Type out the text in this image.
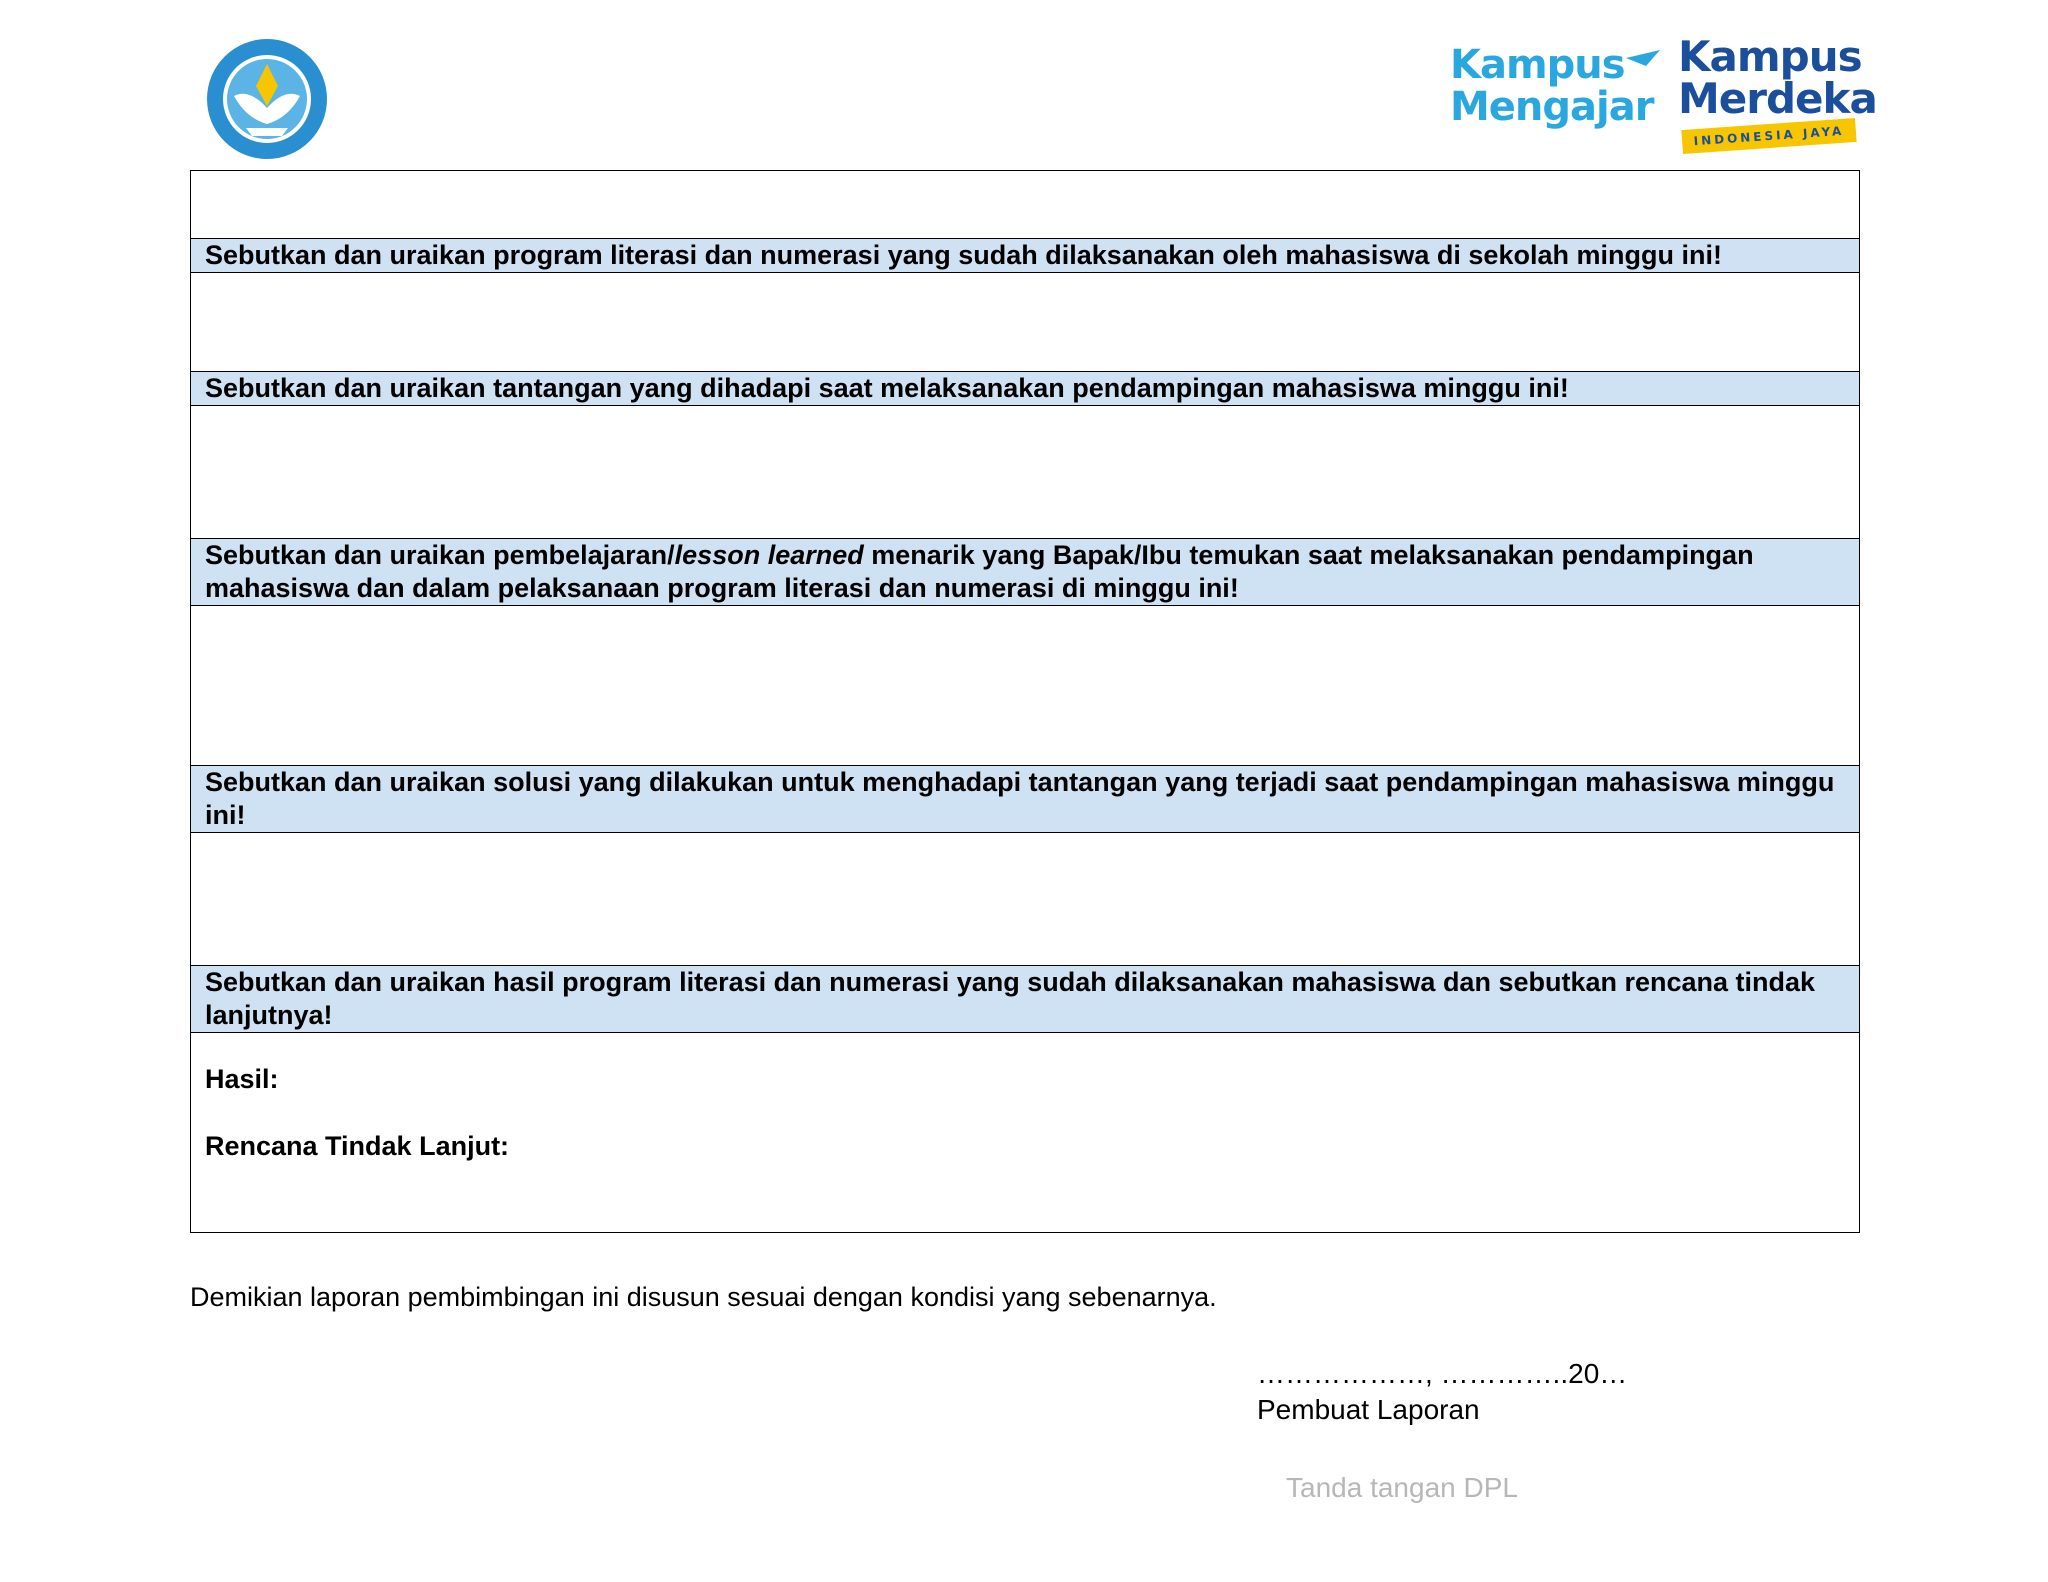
Kampus
Mengajar
Kampus
Merdeka
INDONESIA JAYA

Sebutkan dan uraikan program literasi dan numerasi yang sudah dilaksanakan oleh mahasiswa di sekolah minggu ini!

Sebutkan dan uraikan tantangan yang dihadapi saat melaksanakan pendampingan mahasiswa minggu ini!

Sebutkan dan uraikan pembelajaran/lesson learned menarik yang Bapak/Ibu temukan saat melaksanakan pendampingan mahasiswa dan dalam pelaksanaan program literasi dan numerasi di minggu ini!

Sebutkan dan uraikan solusi yang dilakukan untuk menghadapi tantangan yang terjadi saat pendampingan mahasiswa minggu ini!

Sebutkan dan uraikan hasil program literasi dan numerasi yang sudah dilaksanakan mahasiswa dan sebutkan rencana tindak lanjutnya!

Hasil:

Rencana Tindak Lanjut:

Demikian laporan pembimbingan ini disusun sesuai dengan kondisi yang sebenarnya.
………………, …………..20…
Pembuat Laporan
Tanda tangan DPL
